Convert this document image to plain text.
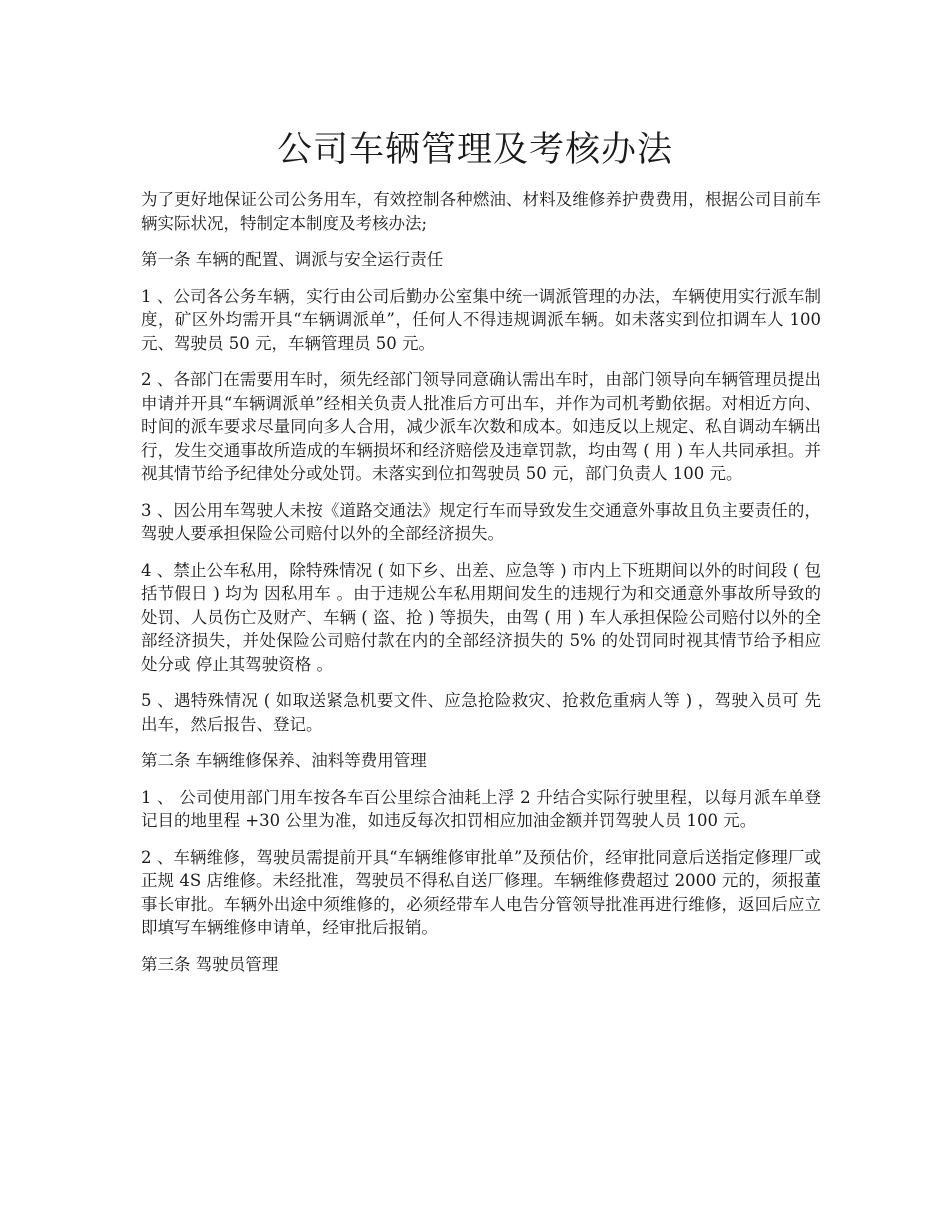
公司车辆管理及考核办法

为了更好地保证公司公务用车，有效控制各种燃油、材料及维修养护费费用，根据公司目前车辆实际状况，特制定本制度及考核办法;

第一条 车辆的配置、调派与安全运行责任

1 、公司各公务车辆，实行由公司后勤办公室集中统一调派管理的办法，车辆使用实行派车制度，矿区外均需开具“车辆调派单”，任何人不得违规调派车辆。如未落实到位扣调车人 100 元、驾驶员 50 元，车辆管理员 50 元。

2 、各部门在需要用车时，须先经部门领导同意确认需出车时，由部门领导向车辆管理员提出申请并开具“车辆调派单”经相关负责人批准后方可出车，并作为司机考勤依据。对相近方向、时间的派车要求尽量同向多人合用，减少派车次数和成本。如违反以上规定、私自调动车辆出行，发生交通事故所造成的车辆损坏和经济赔偿及违章罚款，均由驾 ( 用 ) 车人共同承担。并视其情节给予纪律处分或处罚。未落实到位扣驾驶员 50 元，部门负责人 100 元。

3 、因公用车驾驶人未按《道路交通法》规定行车而导致发生交通意外事故且负主要责任的，驾驶人要承担保险公司赔付以外的全部经济损失。

4 、禁止公车私用，除特殊情况 ( 如下乡、出差、应急等 ) 市内上下班期间以外的时间段 ( 包括节假日 ) 均为 因私用车 。由于违规公车私用期间发生的违规行为和交通意外事故所导致的处罚、人员伤亡及财产、车辆 ( 盗、抢 ) 等损失，由驾 ( 用 ) 车人承担保险公司赔付以外的全部经济损失，并处保险公司赔付款在内的全部经济损失的 5% 的处罚同时视其情节给予相应处分或 停止其驾驶资格 。

5 、遇特殊情况 ( 如取送紧急机要文件、应急抢险救灾、抢救危重病人等 ) ，驾驶入员可 先出车，然后报告、登记。

第二条 车辆维修保养、油料等费用管理

1 、 公司使用部门用车按各车百公里综合油耗上浮 2 升结合实际行驶里程，以每月派车单登记目的地里程 +30 公里为准，如违反每次扣罚相应加油金额并罚驾驶人员 100 元。

2 、车辆维修，驾驶员需提前开具“车辆维修审批单”及预估价，经审批同意后送指定修理厂或正规 4S 店维修。未经批准，驾驶员不得私自送厂修理。车辆维修费超过 2000 元的，须报董事长审批。车辆外出途中须维修的，必须经带车人电告分管领导批准再进行维修，返回后应立即填写车辆维修申请单，经审批后报销。

第三条 驾驶员管理
